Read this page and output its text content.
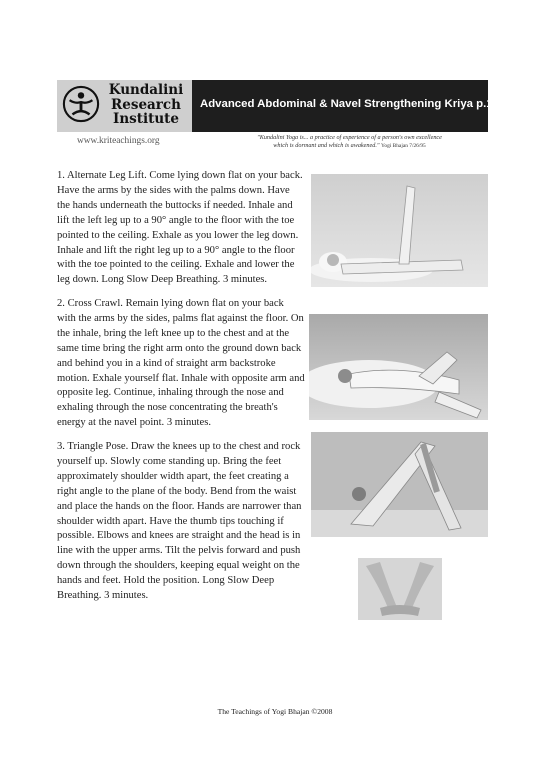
Kundalini
Research
Institute
Advanced Abdominal & Navel Strengthening Kriya p.1
www.kriteachings.org	"Kundalini Yoga is... a practice of experience of a person's own excellence
which is dormant and which is awakened." Yogi Bhajan 7/26/95
1. Alternate Leg Lift. Come lying down flat on your back. Have the arms by the sides with the palms down. Have the hands underneath the buttocks if needed. Inhale and lift the left leg up to a 90° angle to the floor with the toe pointed to the ceiling. Exhale as you lower the leg down. Inhale and lift the right leg up to a 90° angle to the floor with the toe pointed to the ceiling. Exhale and lower the leg down. Long Slow Deep Breathing. 3 minutes.
2. Cross Crawl. Remain lying down flat on your back with the arms by the sides, palms flat against the floor. On the inhale, bring the left knee up to the chest and at the same time bring the right arm onto the ground down back and behind you in a kind of straight arm backstroke motion. Exhale yourself flat. Inhale with opposite arm and opposite leg. Continue, inhaling through the nose and exhaling through the nose concentrating the breath's energy at the navel point. 3 minutes.
3. Triangle Pose. Draw the knees up to the chest and rock yourself up. Slowly come standing up. Bring the feet approximately shoulder width apart, the feet creating a right angle to the plane of the body. Bend from the waist and place the hands on the floor. Hands are narrower than shoulder width apart. Have the thumb tips touching if possible. Elbows and knees are straight and the head is in line with the upper arms. Tilt the pelvis forward and push down through the shoulders, keeping equal weight on the hands and feet. Hold the position. Long Slow Deep Breathing. 3 minutes.
The Teachings of Yogi Bhajan ©2008
